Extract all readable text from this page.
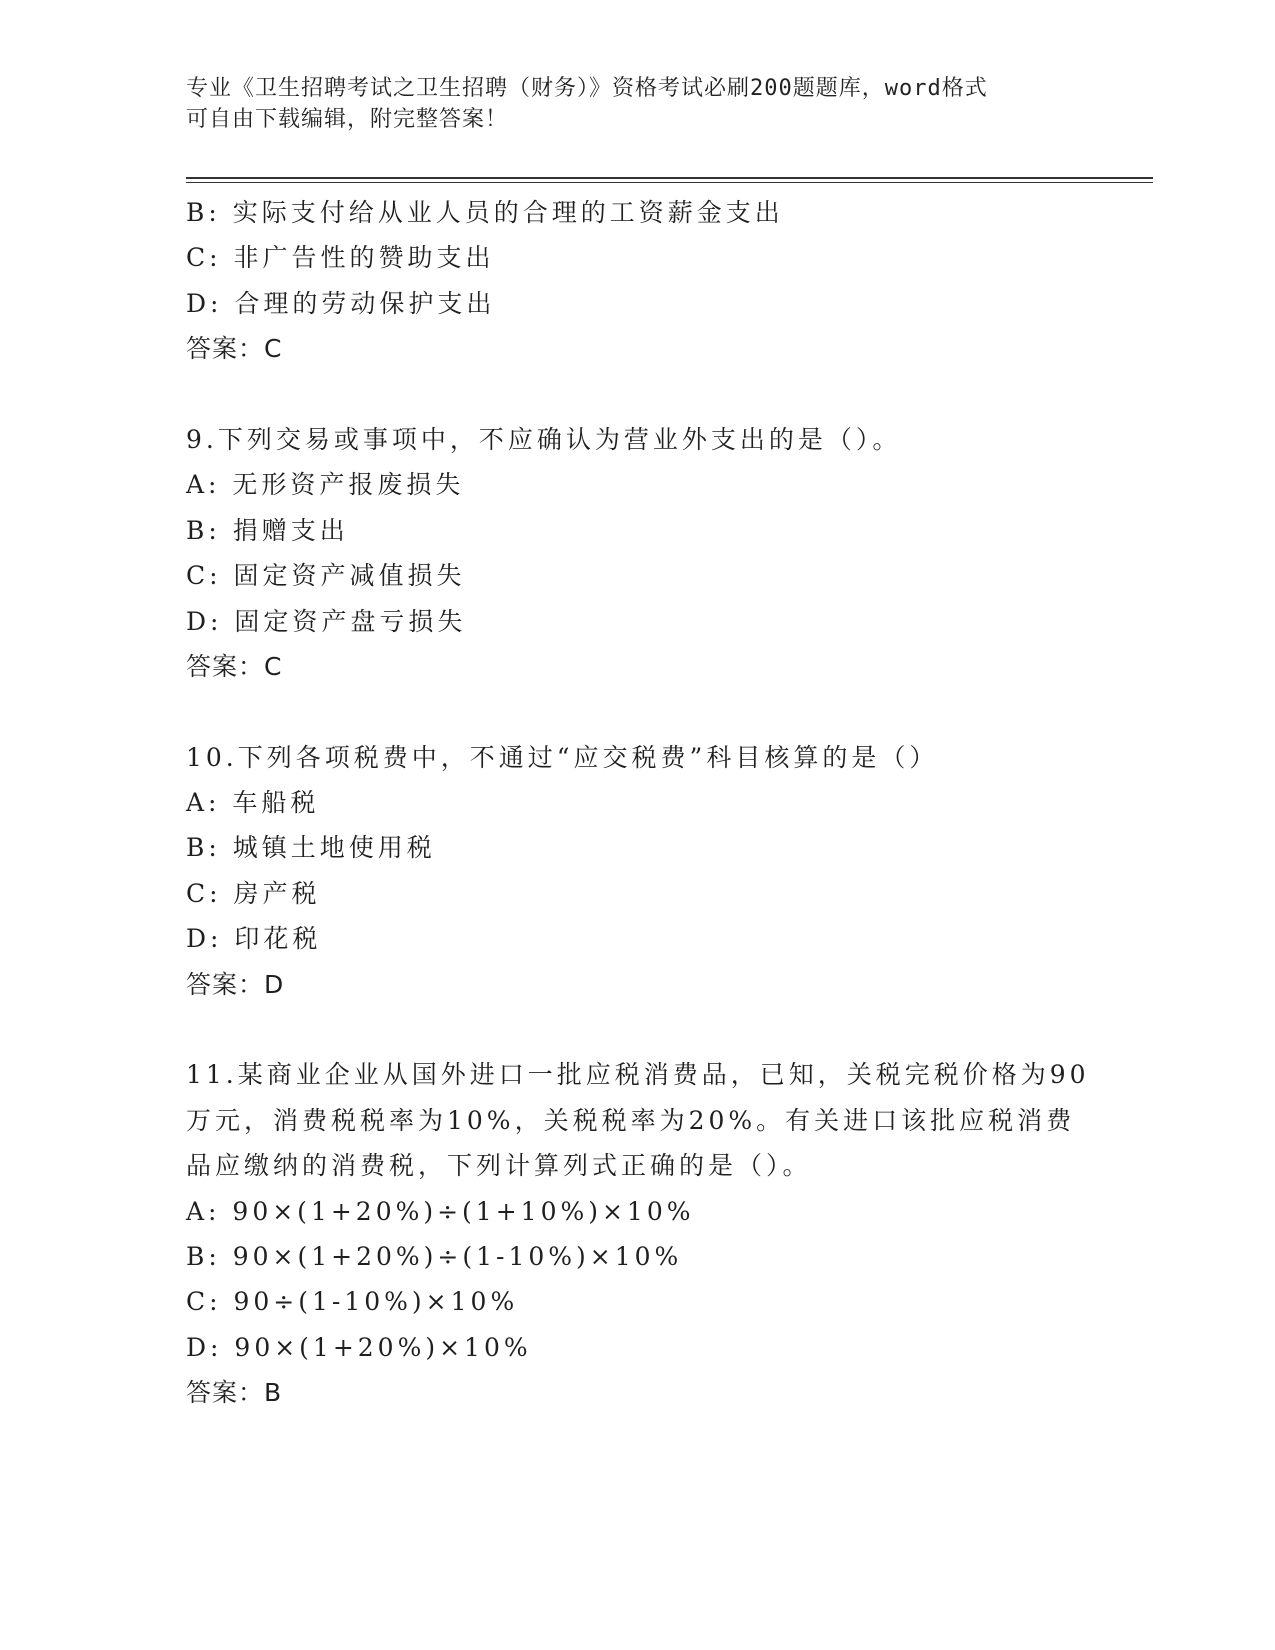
专业《卫生招聘考试之卫生招聘（财务）》资格考试必刷200题题库，word格式
可自由下载编辑，附完整答案！
B: 实际支付给从业人员的合理的工资薪金支出
C: 非广告性的赞助支出
D: 合理的劳动保护支出
答案：C
9.下列交易或事项中，不应确认为营业外支出的是（）。
A: 无形资产报废损失
B: 捐赠支出
C: 固定资产减值损失
D: 固定资产盘亏损失
答案：C
10.下列各项税费中，不通过“应交税费”科目核算的是（）
A: 车船税
B: 城镇土地使用税
C: 房产税
D: 印花税
答案：D
11.某商业企业从国外进口一批应税消费品，已知，关税完税价格为90
万元，消费税税率为10%，关税税率为20%。有关进口该批应税消费
品应缴纳的消费税，下列计算列式正确的是（）。
A: 90×(1+20%)÷(1+10%)×10%
B: 90×(1+20%)÷(1-10%)×10%
C: 90÷(1-10%)×10%
D: 90×(1+20%)×10%
答案：B
